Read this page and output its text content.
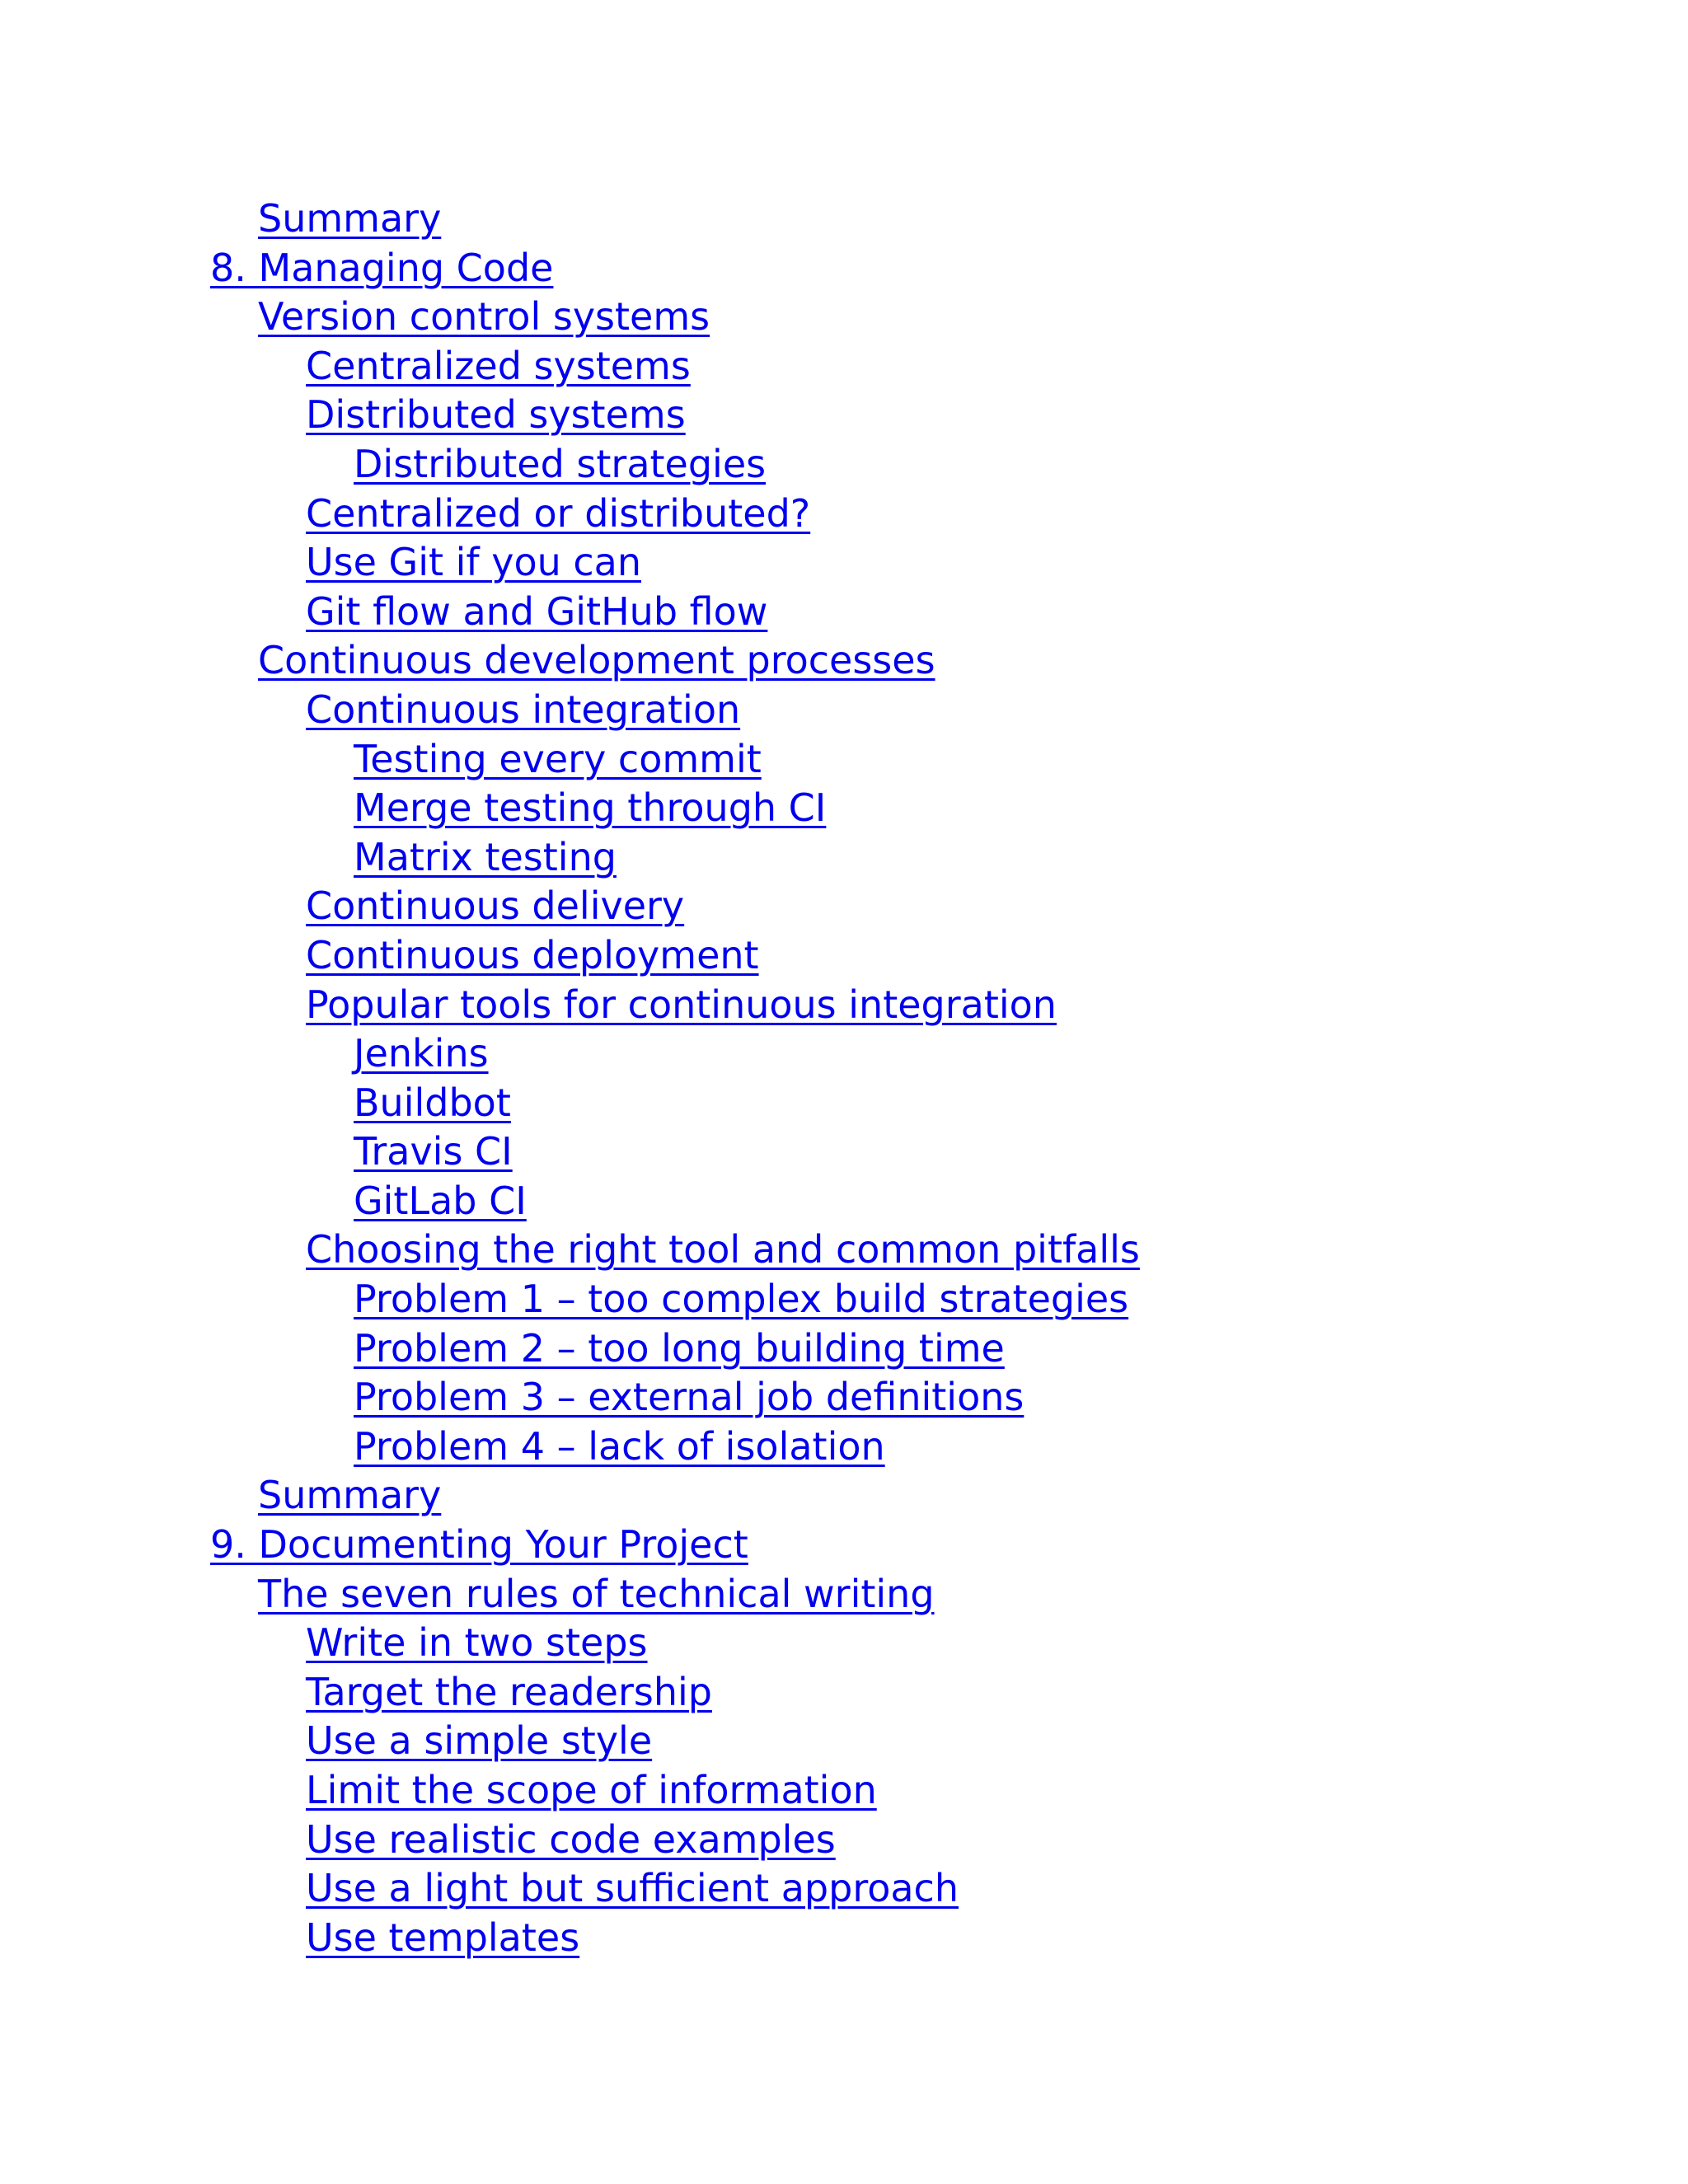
Summary
8. Managing Code
Version control systems
Centralized systems
Distributed systems
Distributed strategies
Centralized or distributed?
Use Git if you can
Git flow and GitHub flow
Continuous development processes
Continuous integration
Testing every commit
Merge testing through CI
Matrix testing
Continuous delivery
Continuous deployment
Popular tools for continuous integration
Jenkins
Buildbot
Travis CI
GitLab CI
Choosing the right tool and common pitfalls
Problem 1 – too complex build strategies
Problem 2 – too long building time
Problem 3 – external job definitions
Problem 4 – lack of isolation
Summary
9. Documenting Your Project
The seven rules of technical writing
Write in two steps
Target the readership
Use a simple style
Limit the scope of information
Use realistic code examples
Use a light but sufficient approach
Use templates
